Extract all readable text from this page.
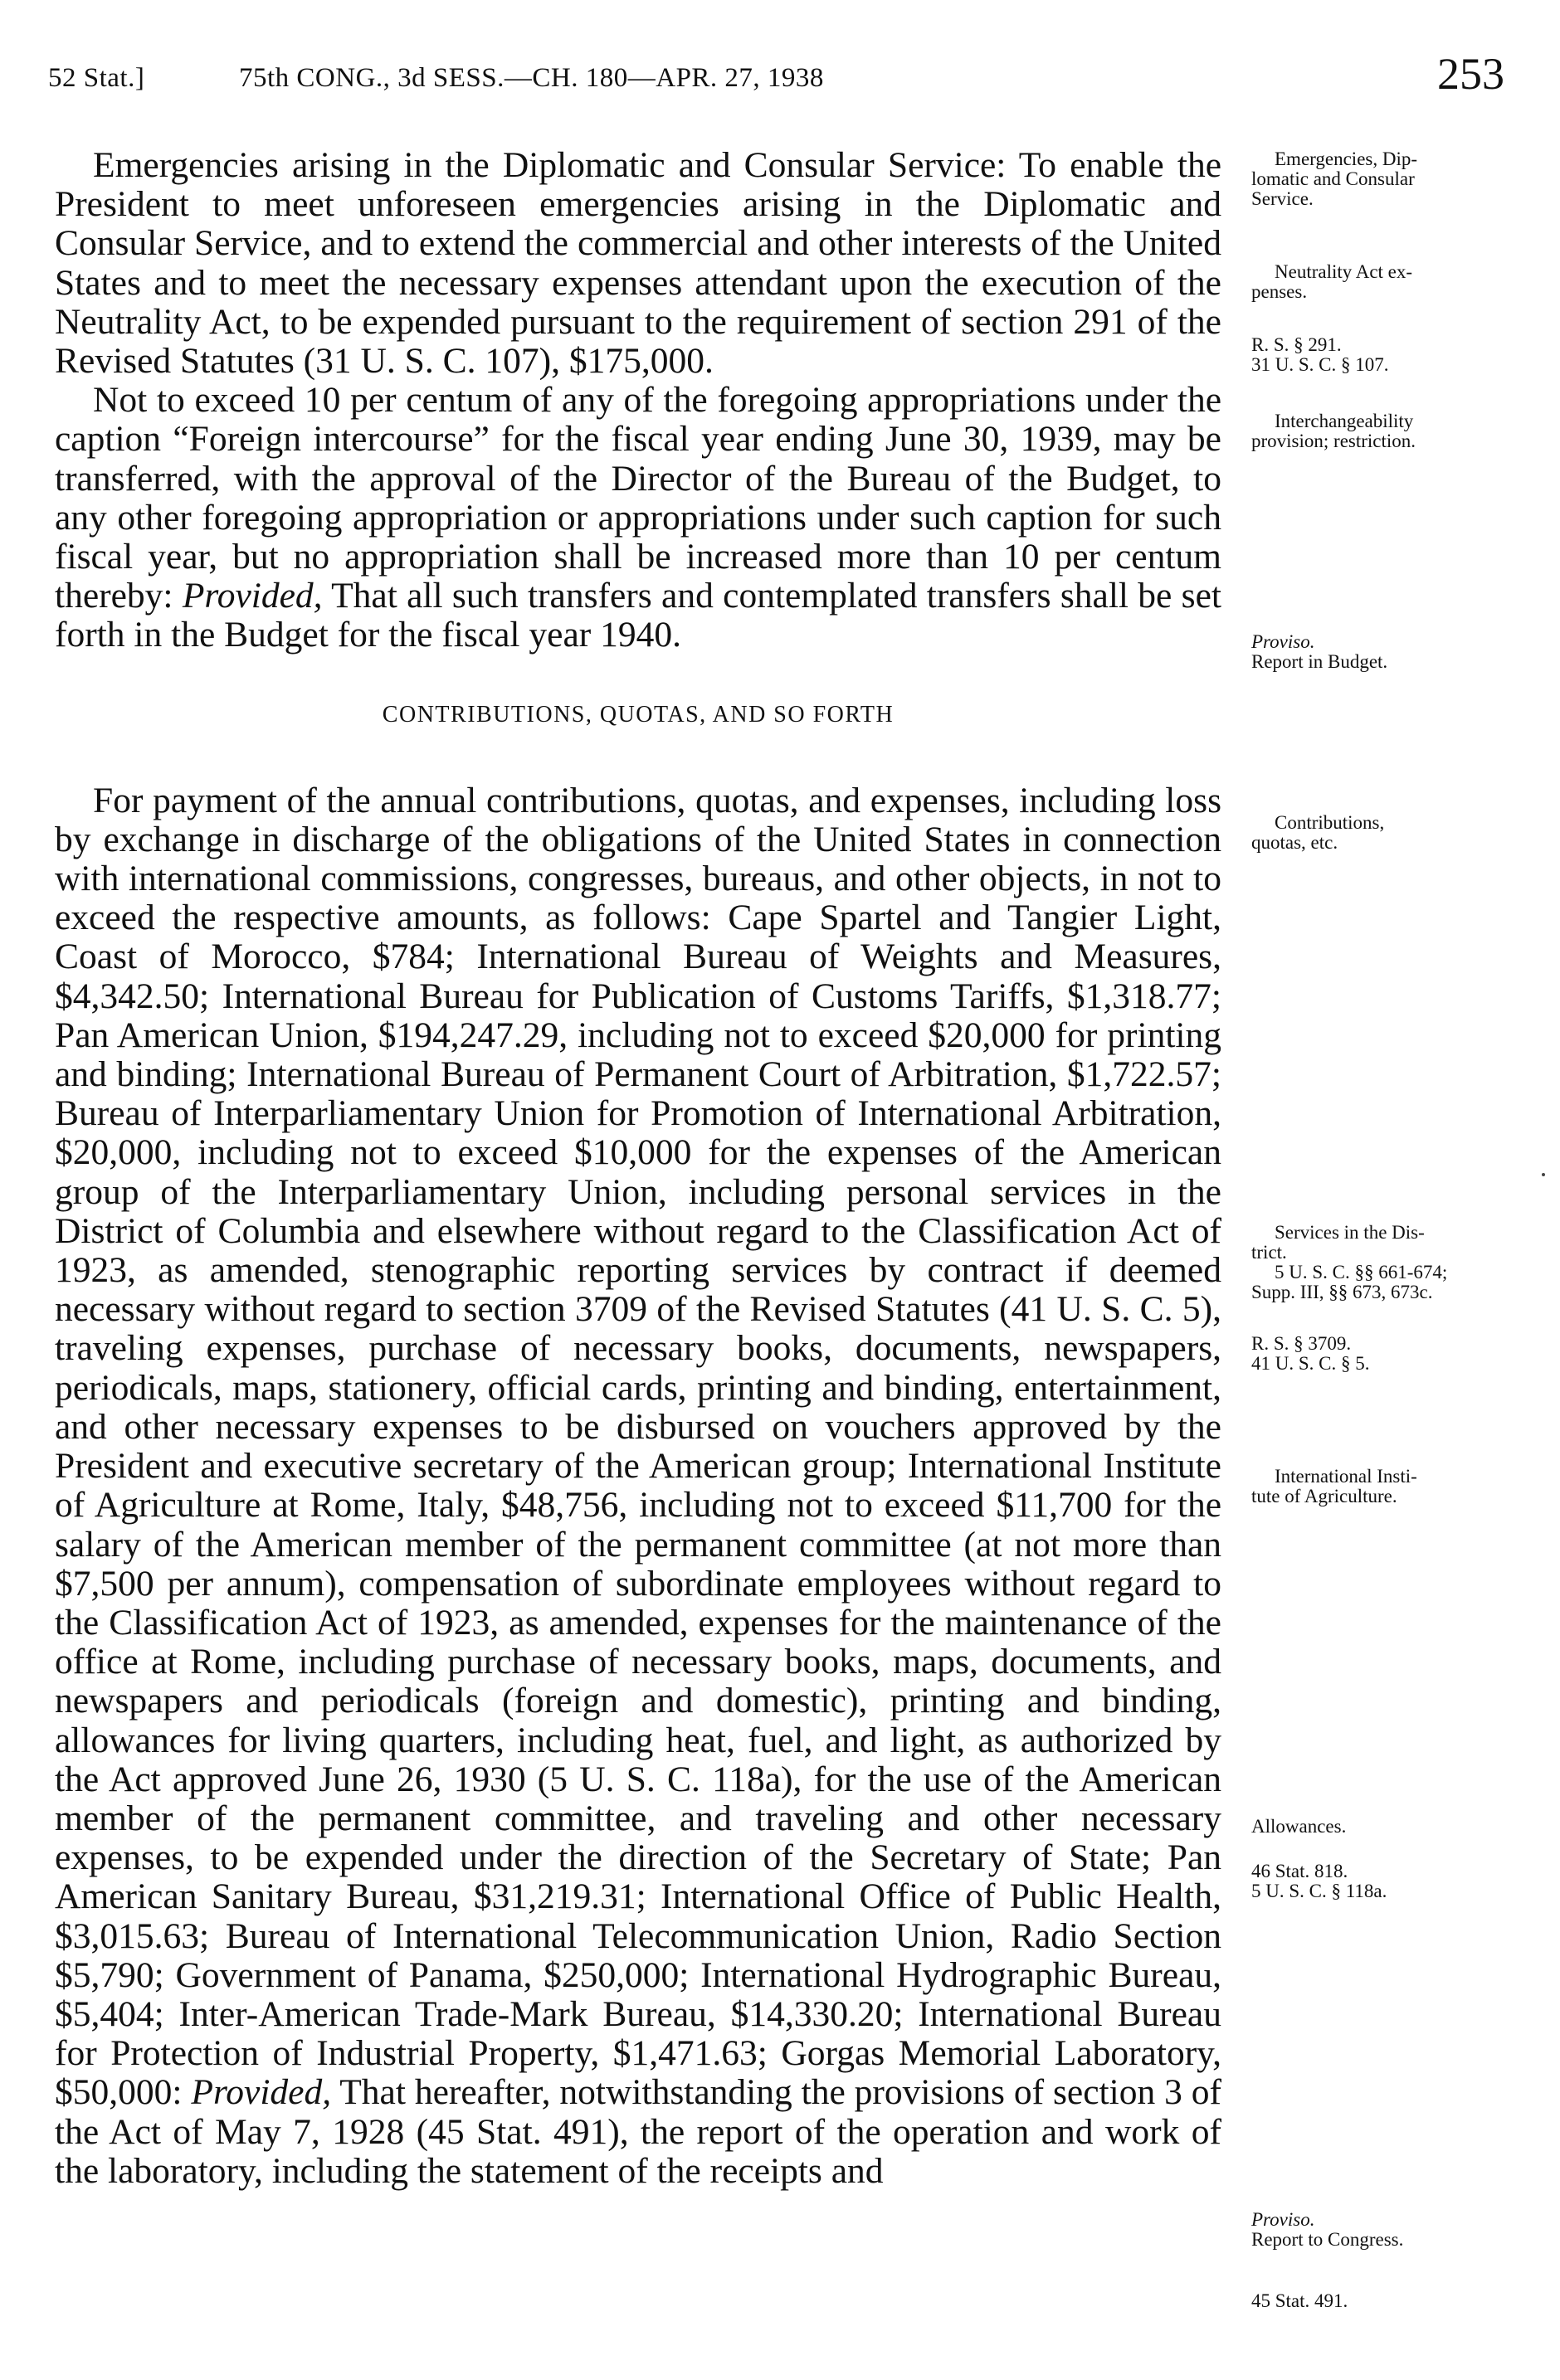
52 Stat.]	75th CONG., 3d SESS.—CH. 180—APR. 27, 1938	253

Emergencies arising in the Diplomatic and Consular Service: To enable the President to meet unforeseen emergencies arising in the Diplomatic and Consular Service, and to extend the commercial and other interests of the United States and to meet the necessary expenses attendant upon the execution of the Neutrality Act, to be expended pursuant to the requirement of section 291 of the Revised Statutes (31 U. S. C. 107), $175,000.

Not to exceed 10 per centum of any of the foregoing appropriations under the caption “Foreign intercourse” for the fiscal year ending June 30, 1939, may be transferred, with the approval of the Director of the Bureau of the Budget, to any other foregoing appropriation or appropriations under such caption for such fiscal year, but no appropriation shall be increased more than 10 per centum thereby: Provided, That all such transfers and contemplated transfers shall be set forth in the Budget for the fiscal year 1940.

CONTRIBUTIONS, QUOTAS, AND SO FORTH

For payment of the annual contributions, quotas, and expenses, including loss by exchange in discharge of the obligations of the United States in connection with international commissions, congresses, bureaus, and other objects, in not to exceed the respective amounts, as follows: Cape Spartel and Tangier Light, Coast of Morocco, $784; International Bureau of Weights and Measures, $4,342.50; International Bureau for Publication of Customs Tariffs, $1,318.77; Pan American Union, $194,247.29, including not to exceed $20,000 for printing and binding; International Bureau of Permanent Court of Arbitration, $1,722.57; Bureau of Interparliamentary Union for Promotion of International Arbitration, $20,000, including not to exceed $10,000 for the expenses of the American group of the Interparliamentary Union, including personal services in the District of Columbia and elsewhere without regard to the Classification Act of 1923, as amended, stenographic reporting services by contract if deemed necessary without regard to section 3709 of the Revised Statutes (41 U. S. C. 5), traveling expenses, purchase of necessary books, documents, newspapers, periodicals, maps, stationery, official cards, printing and binding, entertainment, and other necessary expenses to be disbursed on vouchers approved by the President and executive secretary of the American group; International Institute of Agriculture at Rome, Italy, $48,756, including not to exceed $11,700 for the salary of the American member of the permanent committee (at not more than $7,500 per annum), compensation of subordinate employees without regard to the Classification Act of 1923, as amended, expenses for the maintenance of the office at Rome, including purchase of necessary books, maps, documents, and newspapers and periodicals (foreign and domestic), printing and binding, allowances for living quarters, including heat, fuel, and light, as authorized by the Act approved June 26, 1930 (5 U. S. C. 118a), for the use of the American member of the permanent committee, and traveling and other necessary expenses, to be expended under the direction of the Secretary of State; Pan American Sanitary Bureau, $31,219.31; International Office of Public Health, $3,015.63; Bureau of International Telecommunication Union, Radio Section $5,790; Government of Panama, $250,000; International Hydrographic Bureau, $5,404; Inter-American Trade-Mark Bureau, $14,330.20; International Bureau for Protection of Industrial Property, $1,471.63; Gorgas Memorial Laboratory, $50,000: Provided, That hereafter, notwithstanding the provisions of section 3 of the Act of May 7, 1928 (45 Stat. 491), the report of the operation and work of the laboratory, including the statement of the receipts and

Emergencies, Dip-
lomatic and Consular
Service.
Neutrality Act ex-
penses.
R. S. § 291.
31 U. S. C. § 107.
Interchangeability
provision; restriction.
Proviso.
Report in Budget.
Contributions,
quotas, etc.
Services in the Dis-
trict.
5 U. S. C. §§ 661-674;
Supp. III, §§ 673, 673c.
R. S. § 3709.
41 U. S. C. § 5.
International Insti-
tute of Agriculture.
Allowances.
46 Stat. 818.
5 U. S. C. § 118a.
Proviso.
Report to Congress.
45 Stat. 491.
